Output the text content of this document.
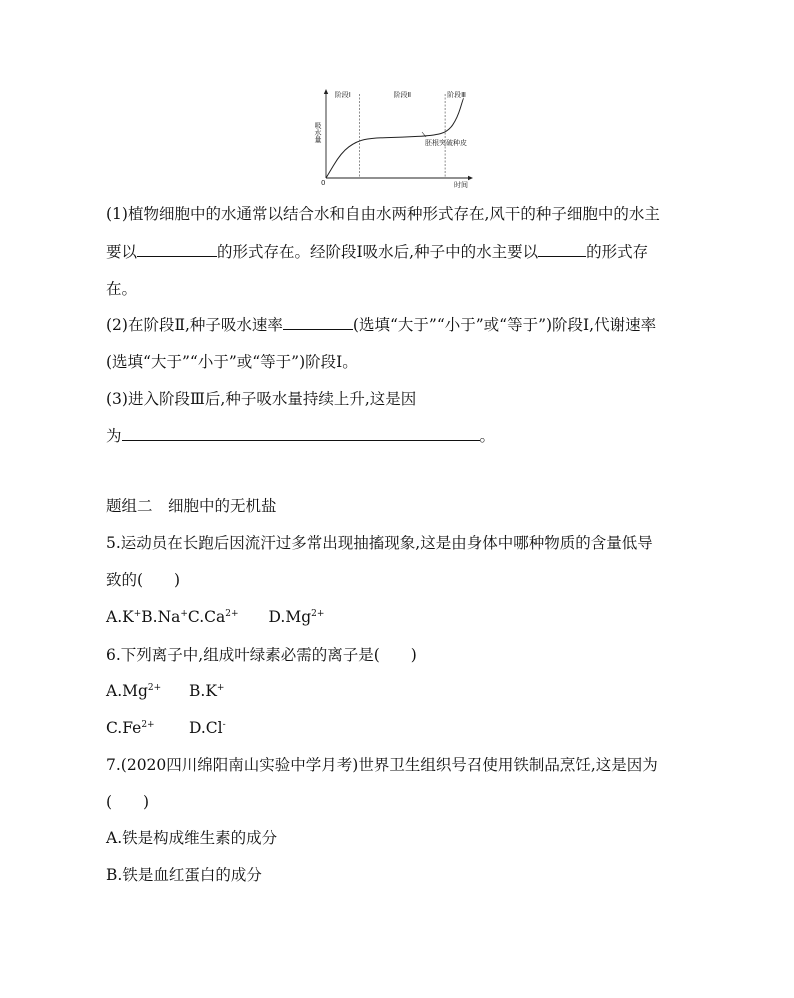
阶段Ⅰ	阶段Ⅱ	阶段Ⅲ
吸水量
0	时间
胚根突破种皮
(1)植物细胞中的水通常以结合水和自由水两种形式存在,风干的种子细胞中的水主
要以	的形式存在。经阶段Ⅰ吸水后,种子中的水主要以	的形式存
在。
(2)在阶段Ⅱ,种子吸水速率	(选填“大于”“小于”或“等于”)阶段Ⅰ,代谢速率
(选填“大于”“小于”或“等于”)阶段Ⅰ。
(3)进入阶段Ⅲ后,种子吸水量持续上升,这是因
为	。
题组二　细胞中的无机盐
5.运动员在长跑后因流汗过多常出现抽搐现象,这是由身体中哪种物质的含量低导
致的(　　)
$A.K^+B.Na^+C.Ca^{2+}$ $D.Mg^{2+}$
6.下列离子中,组成叶绿素必需的离子是(　　)
$A.Mg^{2+}$ B.K+
$C.Fe^{2+}$ D.Cl-
7.(2020四川绵阳南山实验中学月考)世界卫生组织号召使用铁制品烹饪,这是因为
(　　)
A.铁是构成维生素的成分
B.铁是血红蛋白的成分
